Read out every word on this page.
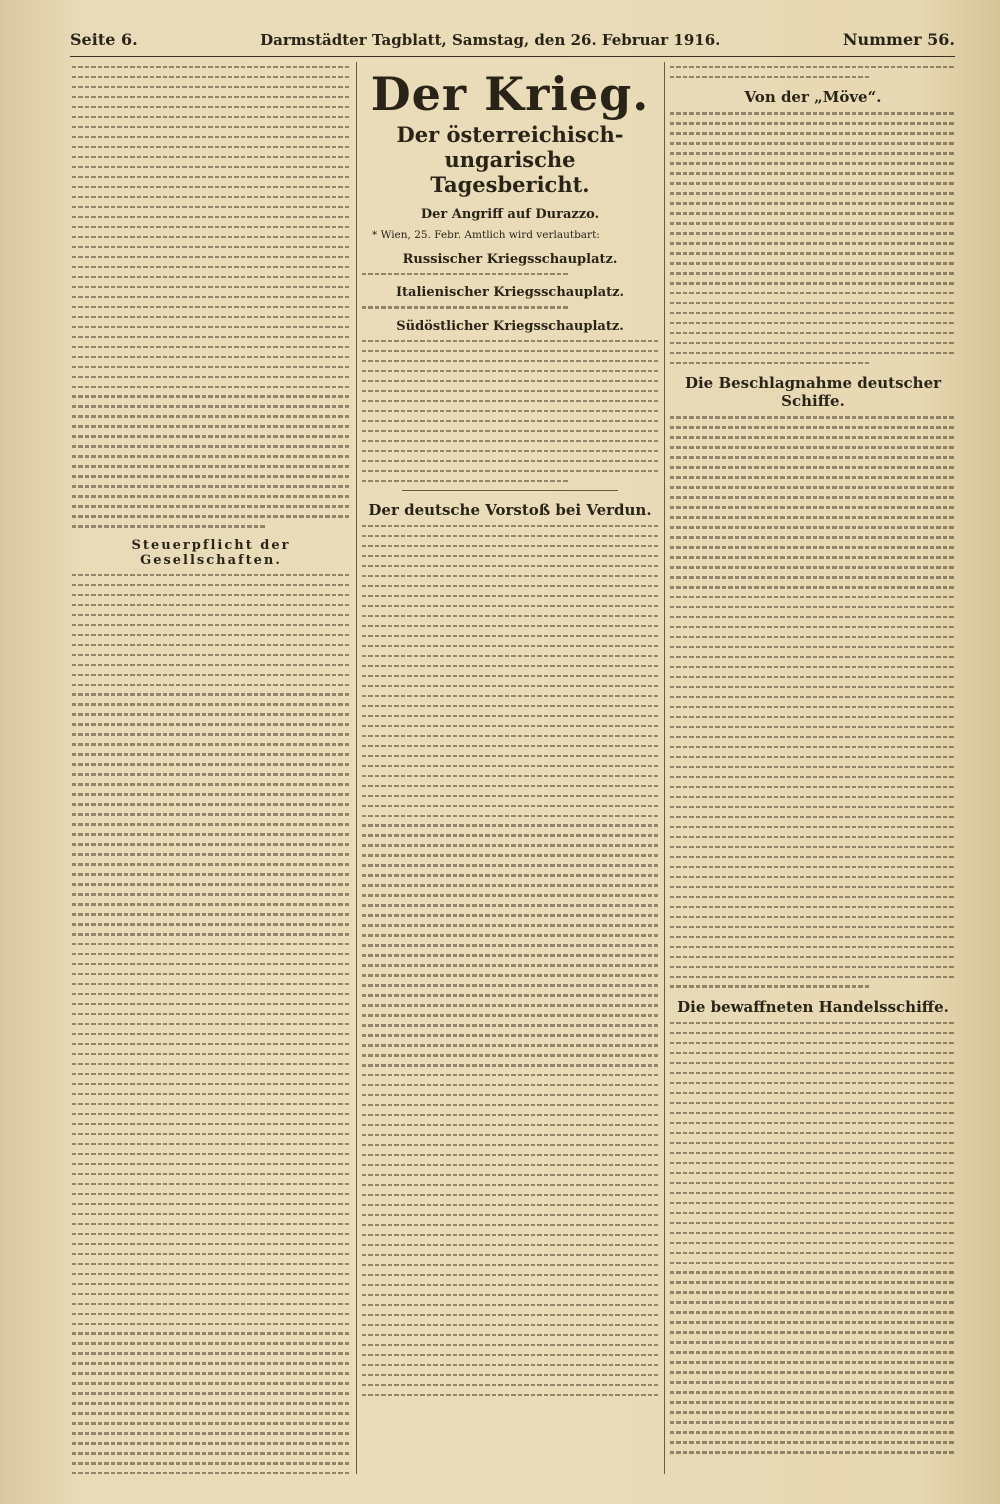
Seite 6.	Darmstädter Tagblatt, Samstag, den 26. Februar 1916.	Nummer 56.
Steuerpflicht der Gesellschaften.
Der Krieg.
Der österreichisch-ungarische Tagesbericht.
Der Angriff auf Durazzo.
* Wien, 25. Febr. Amtlich wird verlautbart:
Russischer Kriegsschauplatz.
Italienischer Kriegsschauplatz.
Südöstlicher Kriegsschauplatz.
Der deutsche Vorstoß bei Verdun.
Von der „Möve“.
Die Beschlagnahme deutscher Schiffe.
Die bewaffneten Handelsschiffe.
